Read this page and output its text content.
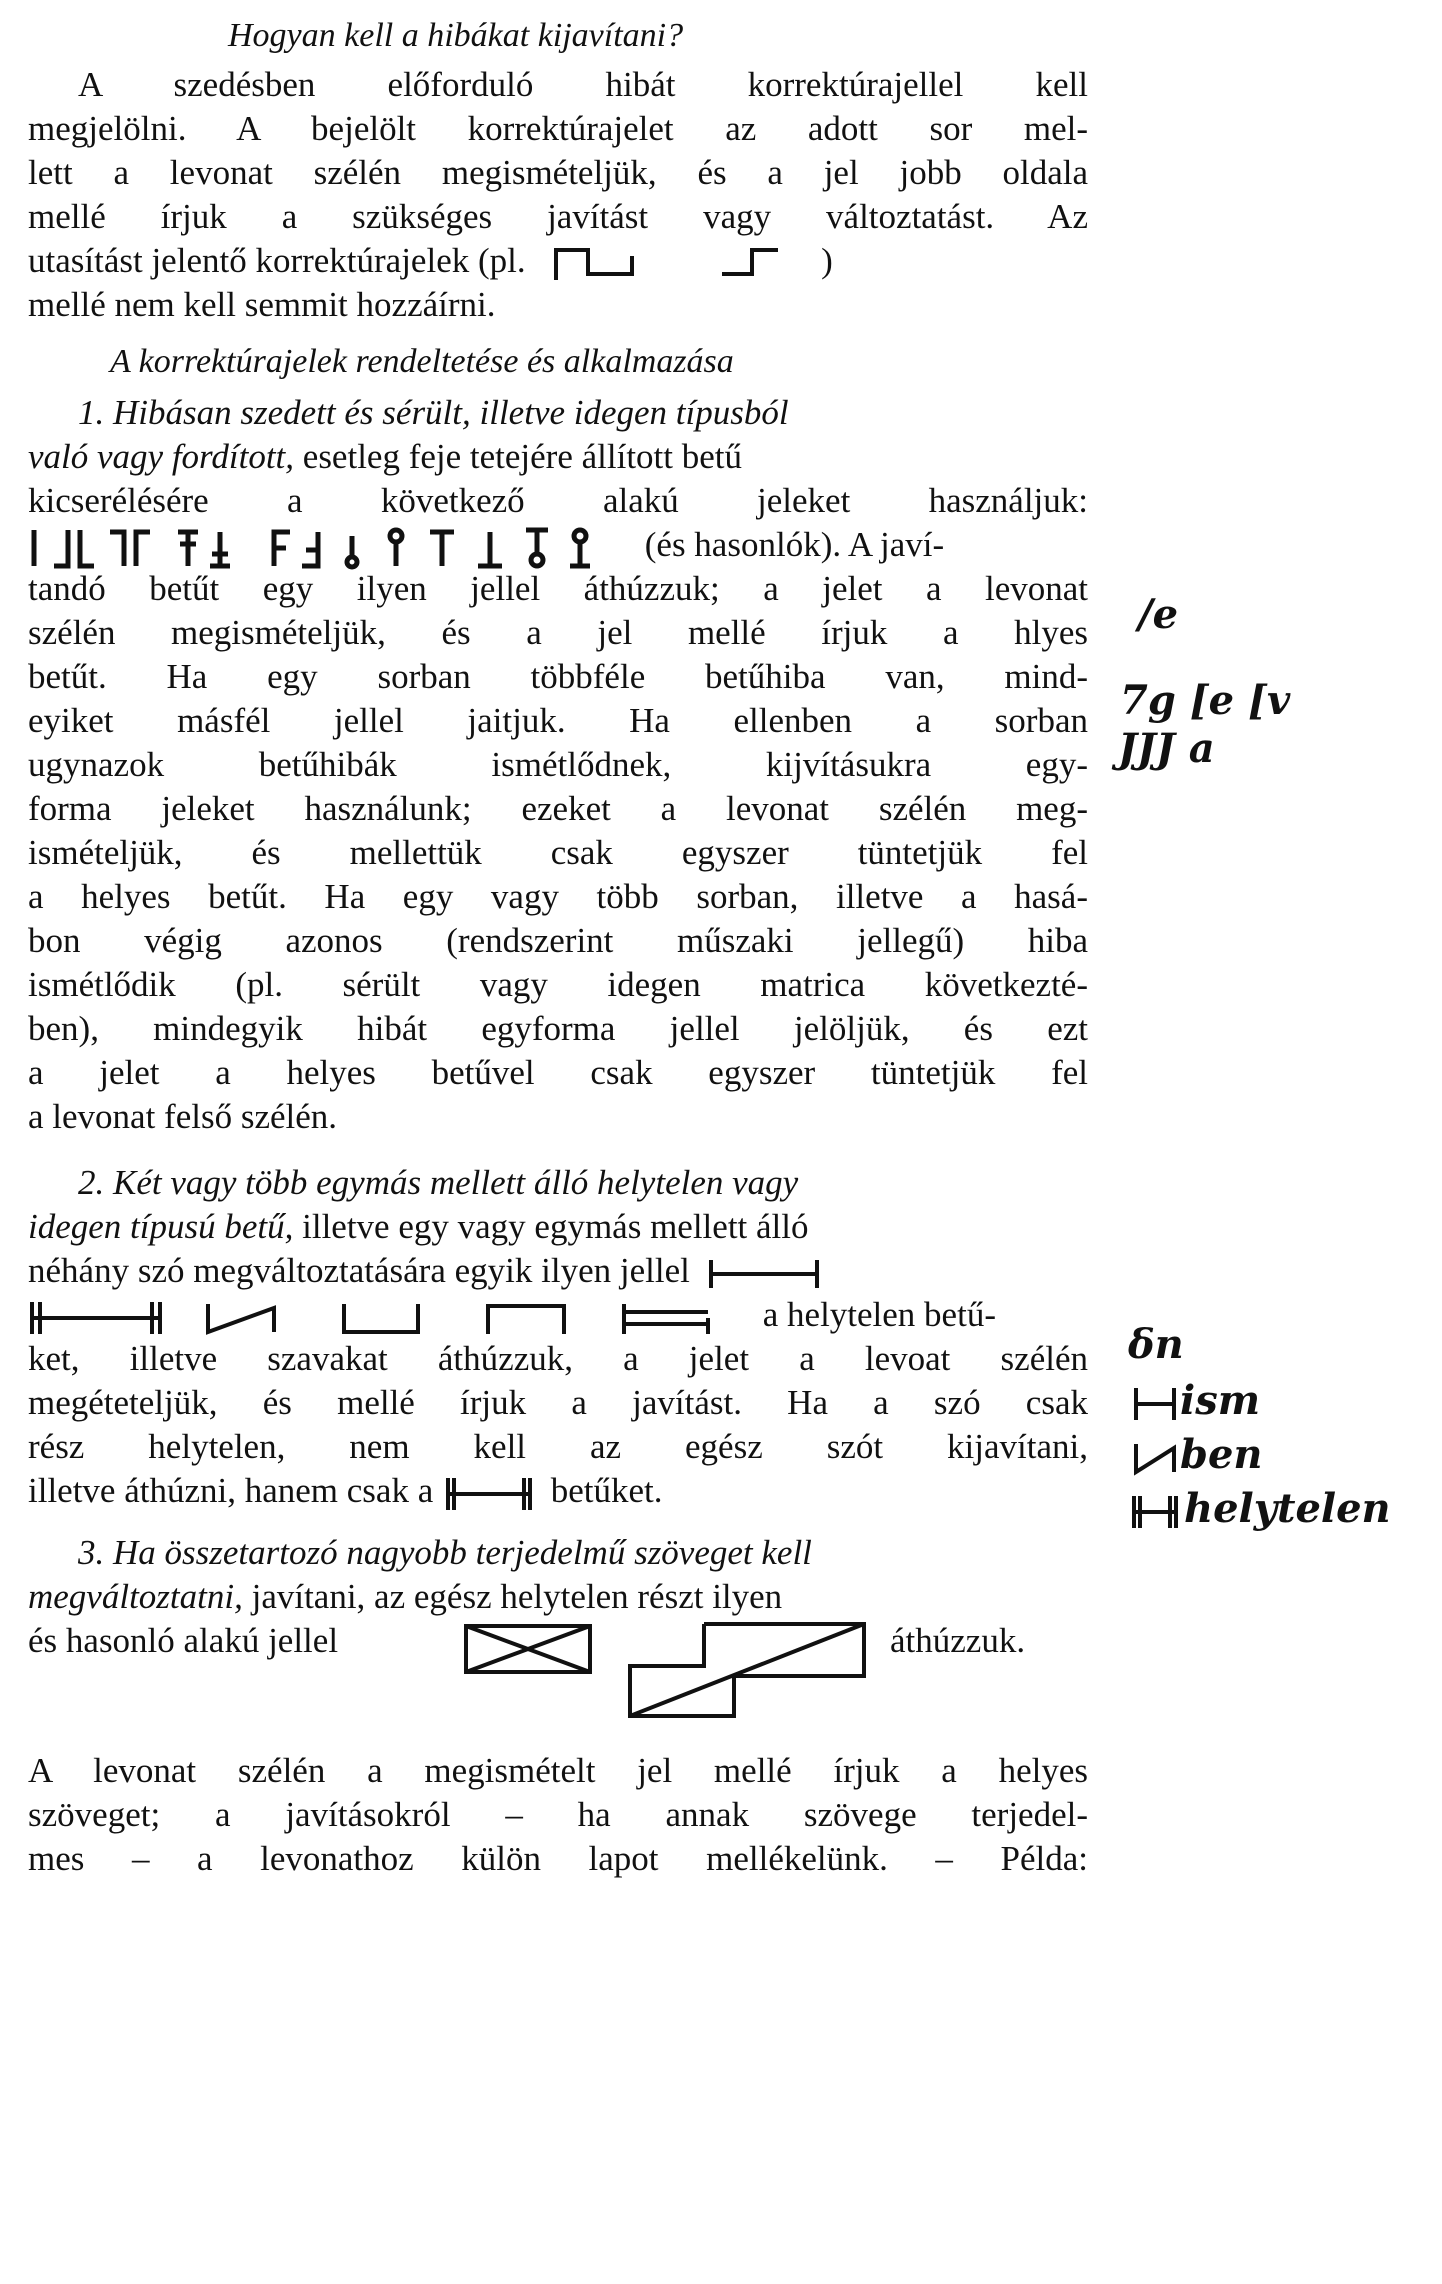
Hogyan kell a hibákat kijavítani?
A szedésben előforduló hibát korrektúrajellel kell
megjelölni. A bejelölt korrektúrajelet az adott sor mel-
lett a levonat szélén megismételjük, és a jel jobb oldala
mellé írjuk a szükséges javítást vagy változtatást. Az
utasítást jelentő korrektúrajelek (pl.	)
mellé nem kell semmit hozzáírni.
A korrektúrajelek rendeltetése és alkalmazása
1. Hibásan szedett és sérült, illetve idegen típusból
való vagy fordított, esetleg feje tetejére állított betű
kicserélésére a következő alakú jeleket használjuk:
(és hasonlók). A javí-
tandó betűt egy ilyen jellel áthúzzuk; a jelet a levonat
szélén megismételjük, és a jel mellé írjuk a hlyes
betűt. Ha egy sorban többféle betűhiba van, mind-
eyiket másfél jellel jaitjuk. Ha ellenben a sorban
ugynazok betűhibák ismétlődnek, kijvításukra egy-
forma jeleket használunk; ezeket a levonat szélén meg-
ismételjük, és mellettük csak egyszer tüntetjük fel
a helyes betűt. Ha egy vagy több sorban, illetve a hasá-
bon végig azonos (rendszerint műszaki jellegű) hiba
ismétlődik (pl. sérült vagy idegen matrica következté-
ben), mindegyik hibát egyforma jellel jelöljük, és ezt
a jelet a helyes betűvel csak egyszer tüntetjük fel
a levonat felső szélén.
2. Két vagy több egymás mellett álló helytelen vagy
idegen típusú betű, illetve egy vagy egymás mellett álló
néhány szó megváltoztatására egyik ilyen jellel
a helytelen betű-
ket, illetve szavakat áthúzzuk, a jelet a levoat szélén
megéteteljük, és mellé írjuk a javítást. Ha a szó csak
rész helytelen, nem kell az egész szót kijavítani,
illetve áthúzni, hanem csak a	betűket.
3. Ha összetartozó nagyobb terjedelmű szöveget kell
megváltoztatni, javítani, az egész helytelen részt ilyen
és hasonló alakú jellel	áthúzzuk.
A levonat szélén a megismételt jel mellé írjuk a helyes
szöveget; a javításokról – ha annak szövege terjedel-
mes – a levonathoz külön lapot mellékelünk. – Példa:
/e
7g [e [v
JJJ a
δn
ism
ben
helytelen
